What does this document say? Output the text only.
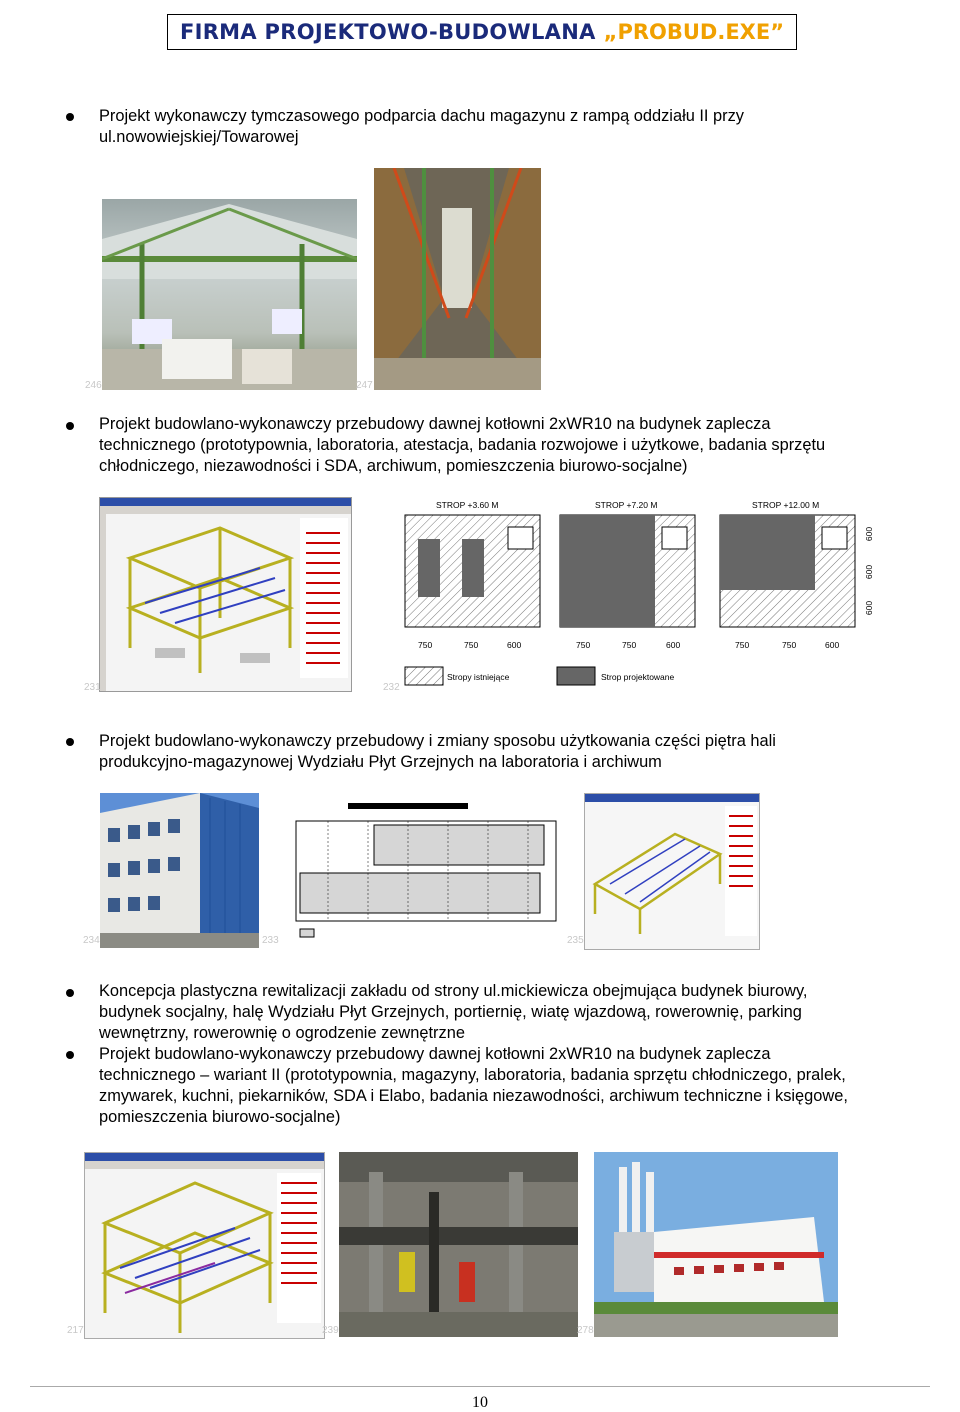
FIRMA PROJEKTOWO-BUDOWLANA „PROBUD.EXE”
Projekt wykonawczy tymczasowego podparcia dachu magazynu z rampą oddziału II przy ul.nowowiejskiej/Towarowej
246	247
Projekt budowlano-wykonawczy przebudowy dawnej kotłowni 2xWR10 na budynek zaplecza technicznego (prototypownia, laboratoria, atestacja, badania rozwojowe i użytkowe, badania sprzętu chłodniczego, niezawodności i SDA, archiwum, pomieszczenia biurowo-socjalne)
231
STROP +3.60 M	STROP +7.20 M	STROP +12.00 M
750	750	600	750	750	600	750	750	600
600
600
600
Stropy istniejące	Strop projektowane
232
Projekt budowlano-wykonawczy przebudowy i zmiany sposobu użytkowania części piętra hali produkcyjno-magazynowej Wydziału Płyt Grzejnych na laboratoria i archiwum
234	233	235
Koncepcja plastyczna rewitalizacji zakładu od strony ul.mickiewicza obejmująca budynek biurowy, budynek socjalny, halę Wydziału Płyt Grzejnych, portiernię, wiatę wjazdową, rowerownię, parking wewnętrzny, rowerownię o ogrodzenie zewnętrzne
Projekt budowlano-wykonawczy przebudowy dawnej kotłowni 2xWR10 na budynek zaplecza technicznego – wariant II (prototypownia, magazyny, laboratoria, badania sprzętu chłodniczego, pralek, zmywarek, kuchni, piekarników, SDA i Elabo, badania niezawodności, archiwum techniczne i księgowe, pomieszczenia biurowo-socjalne)
217	239	278
10
